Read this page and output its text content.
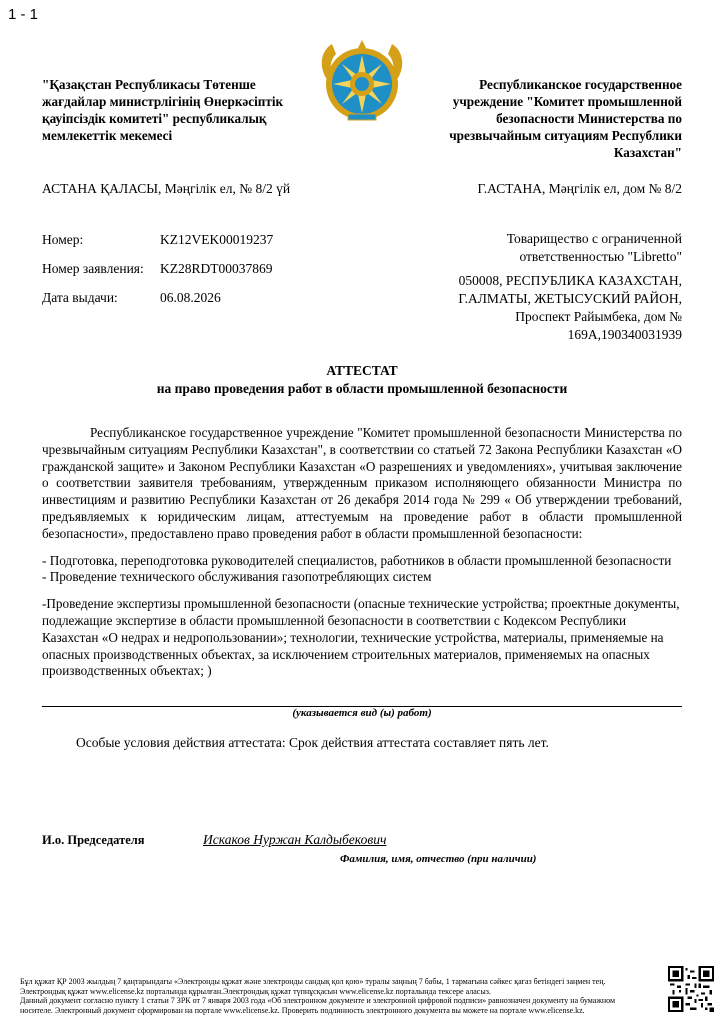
1 - 1
"Қазақстан Республикасы Төтенше жағдайлар министрлігінің Өнеркәсіптік қауіпсіздік комитеті" республикалық мемлекеттік мекемесі
Республиканское государственное учреждение "Комитет промышленной безопасности Министерства по чрезвычайным ситуациям Республики Казахстан"
АСТАНА ҚАЛАСЫ, Мәңгілік ел, № 8/2 үй	Г.АСТАНА, Мәңгілік ел, дом № 8/2
Номер:	KZ12VEK00019237
Номер заявления: KZ28RDT00037869
Дата выдачи:	06.08.2026
Товарищество с ограниченной
ответственностью "Libretto"
050008, РЕСПУБЛИКА КАЗАХСТАН,
Г.АЛМАТЫ, ЖЕТЫСУСКИЙ РАЙОН,
Проспект Райымбека, дом №
169А,190340031939
АТТЕСТАТ
на право проведения работ в области промышленной безопасности

Республиканское государственное учреждение "Комитет промышленной безопасности Министерства по чрезвычайным ситуациям Республики Казахстан", в соответствии со статьей 72 Закона Республики Казахстан «О гражданской защите» и Законом Республики Казахстан «О разрешениях и уведомлениях», учитывая заключение о соответствии заявителя требованиям, утвержденным приказом исполняющего обязанности Министра по инвестициям и развитию Республики Казахстан от 26 декабря 2014 года № 299 « Об утверждении требований, предъявляемых к юридическим лицам, аттестуемым на проведение работ в области промышленной безопасности», предоставлено право проведения работ в области промышленной безопасности:

- Подготовка, переподготовка руководителей специалистов, работников в области промышленной безопасности

- Проведение технического обслуживания газопотребляющих систем

-Проведение экспертизы промышленной безопасности (опасные технические устройства; проектные документы, подлежащие экспертизе в области промышленной безопасности в соответствии с Кодексом Республики Казахстан «О недрах и недропользовании»; технологии, технические устройства, материалы, применяемые на опасных производственных объектах, за исключением строительных материалов, применяемых на опасных производственных объектах; )

(указывается вид (ы) работ)
Особые условия действия аттестата: Срок действия аттестата составляет пять лет.
И.о. Председателя	Искаков Нуржан Калдыбекович
Фамилия, имя, отчество (при наличии)
Бұл құжат ҚР 2003 жылдың 7 қаңтарындағы «Электронды құжат және электронды сандық қол қою» туралы заңның 7 бабы, 1 тармағына сәйкес қағаз бетіндегі заңмен тең.
Электрондық құжат www.elicense.kz порталында құрылған.Электрондық құжат түпнұсқасын www.elicense.kz порталында тексере аласыз.
Данный документ согласно пункту 1 статьи 7 ЗРК от 7 января 2003 года «Об электронном документе и электронной цифровой подписи» равнозначен документу на бумажном
носителе. Электронный документ сформирован на портале www.elicense.kz. Проверить подлинность электронного документа вы можете на портале www.elicense.kz.
